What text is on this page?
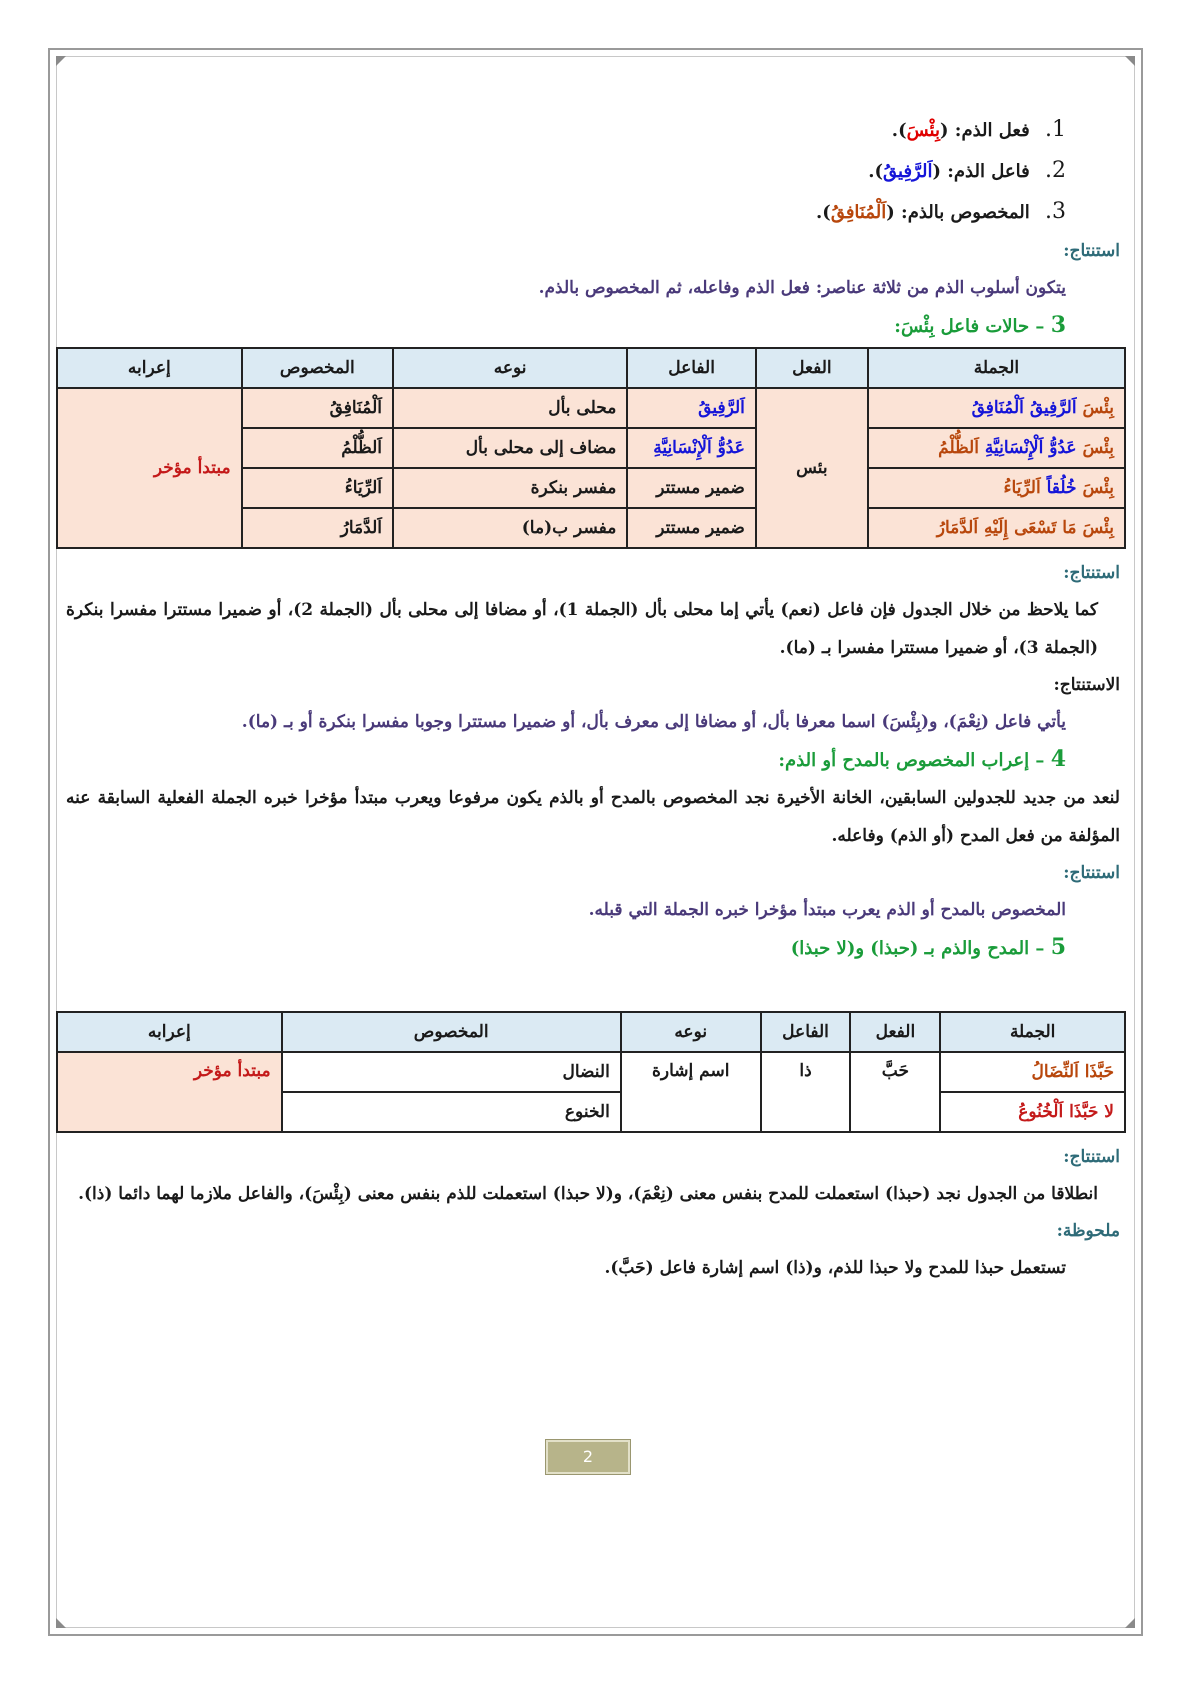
1. فعل الذم: (بِئْسَ).
2. فاعل الذم: (اَلرَّفِيقُ).
3. المخصوص بالذم: (اَلْمُنَافِقُ).
استنتاج:
يتكون أسلوب الذم من ثلاثة عناصر: فعل الذم وفاعله، ثم المخصوص بالذم.
3 – حالات فاعل بِئْسَ:
الجملة	الفعل	الفاعل	نوعه	المخصوص	إعرابه
بِئْسَ اَلرَّفِيقُ اَلْمُنَافِقُ	بئس	اَلرَّفِيقُ	محلى بأل	اَلْمُنَافِقُ	مبتدأ مؤخر
بِئْسَ عَدُوُّ اَلْإِنْسَانِيَّةِ اَلظُّلْمُ		عَدُوُّ اَلْإِنْسَانِيَّةِ	مضاف إلى محلى بأل	اَلظُّلْمُ	
بِئْسَ خُلُقاً اَلرِّيَاءُ		ضمير مستتر	مفسر بنكرة	اَلرِّيَاءُ	
بِئْسَ مَا تَسْعَى إِلَيْهِ اَلدَّمَارُ		ضمير مستتر	مفسر ب(ما)	اَلدَّمَارُ	
استنتاج:
كما يلاحظ من خلال الجدول فإن فاعل (نعم) يأتي إما محلى بأل (الجملة 1)، أو مضافا إلى محلى بأل (الجملة 2)، أو ضميرا مستترا مفسرا بنكرة (الجملة 3)، أو ضميرا مستترا مفسرا بـ (ما).
الاستنتاج:
يأتي فاعل (نِعْمَ)، و(بِئْسَ) اسما معرفا بأل، أو مضافا إلى معرف بأل، أو ضميرا مستترا وجوبا مفسرا بنكرة أو بـ (ما).
4 – إعراب المخصوص بالمدح أو الذم:
لنعد من جديد للجدولين السابقين، الخانة الأخيرة نجد المخصوص بالمدح أو بالذم يكون مرفوعا ويعرب مبتدأ مؤخرا خبره الجملة الفعلية السابقة عنه المؤلفة من فعل المدح (أو الذم) وفاعله.
استنتاج:
المخصوص بالمدح أو الذم يعرب مبتدأ مؤخرا خبره الجملة التي قبله.
5 – المدح والذم بـ (حبذا) و(لا حبذا)
الجملة	الفعل	الفاعل	نوعه	المخصوص	إعرابه
حَبَّذَا اَلنِّضَالُ	حَبَّ	ذا	اسم إشارة	النضال	مبتدأ مؤخر
لا حَبَّذَا اَلْخُنُوعُ				الخنوع	
استنتاج:
انطلاقا من الجدول نجد (حبذا) استعملت للمدح بنفس معنى (نِعْمَ)، و(لا حبذا) استعملت للذم بنفس معنى (بِئْسَ)، والفاعل ملازما لهما دائما (ذا).
ملحوظة:
تستعمل حبذا للمدح ولا حبذا للذم، و(ذا) اسم إشارة فاعل (حَبَّ).
2
